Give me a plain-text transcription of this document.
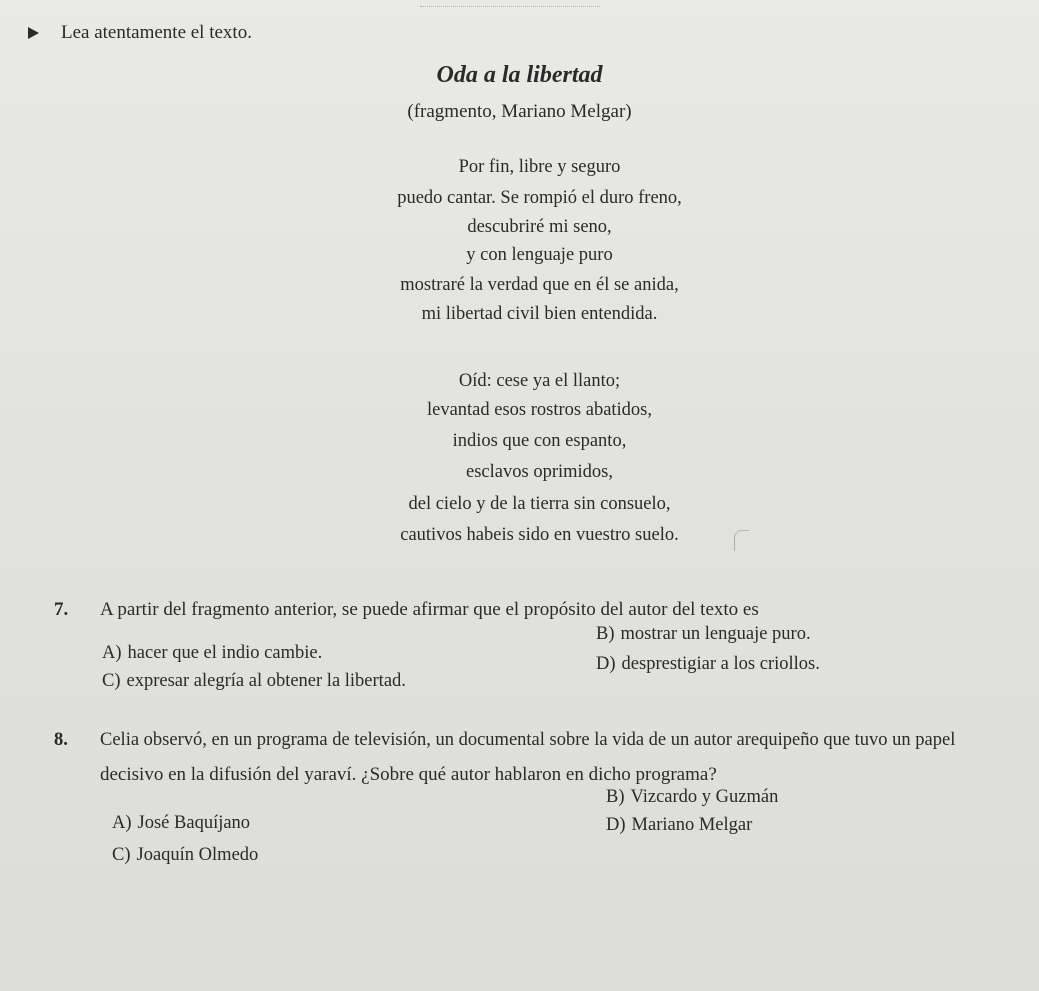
Lea atentamente el texto.
Oda a la libertad
(fragmento, Mariano Melgar)
Por fin, libre y seguro
puedo cantar. Se rompió el duro freno,
descubriré mi seno,
y con lenguaje puro
mostraré la verdad que en él se anida,
mi libertad civil bien entendida.
Oíd: cese ya el llanto;
levantad esos rostros abatidos,
indios que con espanto,
esclavos oprimidos,
del cielo y de la tierra sin consuelo,
cautivos habeis sido en vuestro suelo.
7. A partir del fragmento anterior, se puede afirmar que el propósito del autor del texto es
A) hacer que el indio cambie.
B) mostrar un lenguaje puro.
C) expresar alegría al obtener la libertad.
D) desprestigiar a los criollos.
8. Celia observó, en un programa de televisión, un documental sobre la vida de un autor arequipeño que tuvo un papel
decisivo en la difusión del yaraví. ¿Sobre qué autor hablaron en dicho programa?
A) José Baquíjano
B) Vizcardo y Guzmán
C) Joaquín Olmedo
D) Mariano Melgar
